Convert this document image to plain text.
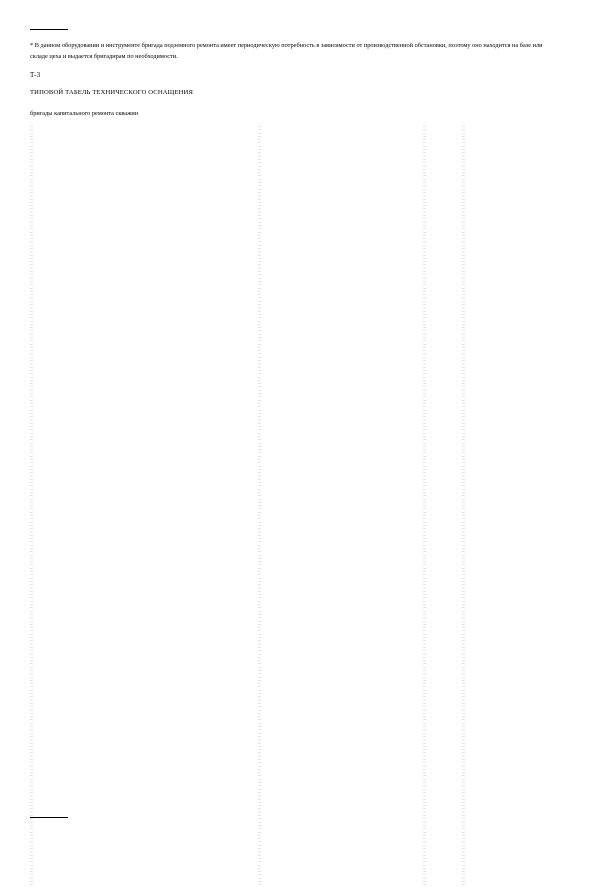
* В данном оборудовании и инструменте бригада подземного ремонта имеет периодическую потребность в зависимости от производственной обстановки, поэтому оно находится на базе или складе цеха и выдается бригадирам по необходимости.
Т-3
ТИПОВОЙ ТАБЕЛЬ ТЕХНИЧЕСКОГО ОСНАЩЕНИЯ
бригады капитального ремонта скважин
…	…	…	…
…	…	…	…
…	…	…	…
…	…	…	…
…	…	…	…
…	…	…	…
…	…	…	…
…	…	…	…
…	…	…	…
…	…	…	…
…	…	…	…
…	…	…	…
…	…	…	…
…	…	…	…
…	…	…	…
…	…	…	…
…	…	…	…
…	…	…	…
…	…	…	…
…	…	…	…
…	…	…	…
…	…	…	…
…	…	…	…
…	…	…	…
…	…	…	…
…	…	…	…
…	…	…	…
…	…	…	…
…	…	…	…
…	…	…	…
…	…	…	…
…	…	…	…
…	…	…	…
…	…	…	…
…	…	…	…
…	…	…	…
…	…	…	…
…	…	…	…
…	…	…	…
…	…	…	…
…	…	…	…
…	…	…	…
…	…	…	…
…	…	…	…
…	…	…	…
…	…	…	…
…	…	…	…
…	…	…	…
…	…	…	…
…	…	…	…
…	…	…	…
…	…	…	…
…	…	…	…
…	…	…	…
…	…	…	…
…	…	…	…
…	…	…	…
…	…	…	…
…	…	…	…
…	…	…	…
…	…	…	…
…	…	…	…
…	…	…	…
…	…	…	…
…	…	…	…
…	…	…	…
…	…	…	…
…	…	…	…
…	…	…	…
…	…	…	…
…	…	…	…
…	…	…	…
…	…	…	…
…	…	…	…
…	…	…	…
…	…	…	…
…	…	…	…
…	…	…	…
…	…	…	…
…	…	…	…
…	…	…	…
…	…	…	…
…	…	…	…
…	…	…	…
…	…	…	…
…	…	…	…
…	…	…	…
…	…	…	…
…	…	…	…
…	…	…	…
…	…	…	…
…	…	…	…
…	…	…	…
…	…	…	…
…	…	…	…
…	…	…	…
…	…	…	…
…	…	…	…
…	…	…	…
…	…	…	…
…	…	…	…
…	…	…	…
…	…	…	…
…	…	…	…
…	…	…	…
…	…	…	…
…	…	…	…
…	…	…	…
…	…	…	…
…	…	…	…
…	…	…	…
…	…	…	…
…	…	…	…
…	…	…	…
…	…	…	…
…	…	…	…
…	…	…	…
…	…	…	…
…	…	…	…
…	…	…	…
…	…	…	…
…	…	…	…
…	…	…	…
…	…	…	…
…	…	…	…
…	…	…	…
…	…	…	…
…	…	…	…
…	…	…	…
…	…	…	…
…	…	…	…
…	…	…	…
…	…	…	…
…	…	…	…
…	…	…	…
…	…	…	…
…	…	…	…
…	…	…	…
…	…	…	…
…	…	…	…
…	…	…	…
…	…	…	…
…	…	…	…
…	…	…	…
…	…	…	…
…	…	…	…
…	…	…	…
…	…	…	…
…	…	…	…
…	…	…	…
…	…	…	…
…	…	…	…
…	…	…	…
…	…	…	…
…	…	…	…
…	…	…	…
…	…	…	…
…	…	…	…
…	…	…	…
…	…	…	…
…	…	…	…
…	…	…	…
…	…	…	…
…	…	…	…
…	…	…	…
…	…	…	…
…	…	…	…
…	…	…	…
…	…	…	…
…	…	…	…
…	…	…	…
…	…	…	…
…	…	…	…
…	…	…	…
…	…	…	…
…	…	…	…
…	…	…	…
…	…	…	…
…	…	…	…
…	…	…	…
…	…	…	…
…	…	…	…
…	…	…	…
…	…	…	…
…	…	…	…
…	…	…	…
…	…	…	…
…	…	…	…
…	…	…	…
…	…	…	…
…	…	…	…
…	…	…	…
…	…	…	…
…	…	…	…
…	…	…	…
…	…	…	…
…	…	…	…
…	…	…	…
…	…	…	…
…	…	…	…
…	…	…	…
…	…	…	…
…	…	…	…
…	…	…	…
…	…	…	…
…	…	…	…
…	…	…	…
…	…	…	…
…	…	…	…
…	…	…	…
…	…	…	…
…	…	…	…
…	…	…	…
…	…	…	…
…	…	…	…
…	…	…	…
…	…	…	…
…	…	…	…
…	…	…	…
…	…	…	…
…	…	…	…
…	…	…	…
…	…	…	…
…	…	…	…
…	…	…	…
…	…	…	…
…	…	…	…
…	…	…	…
…	…	…	…
…	…	…	…
…	…	…	…
